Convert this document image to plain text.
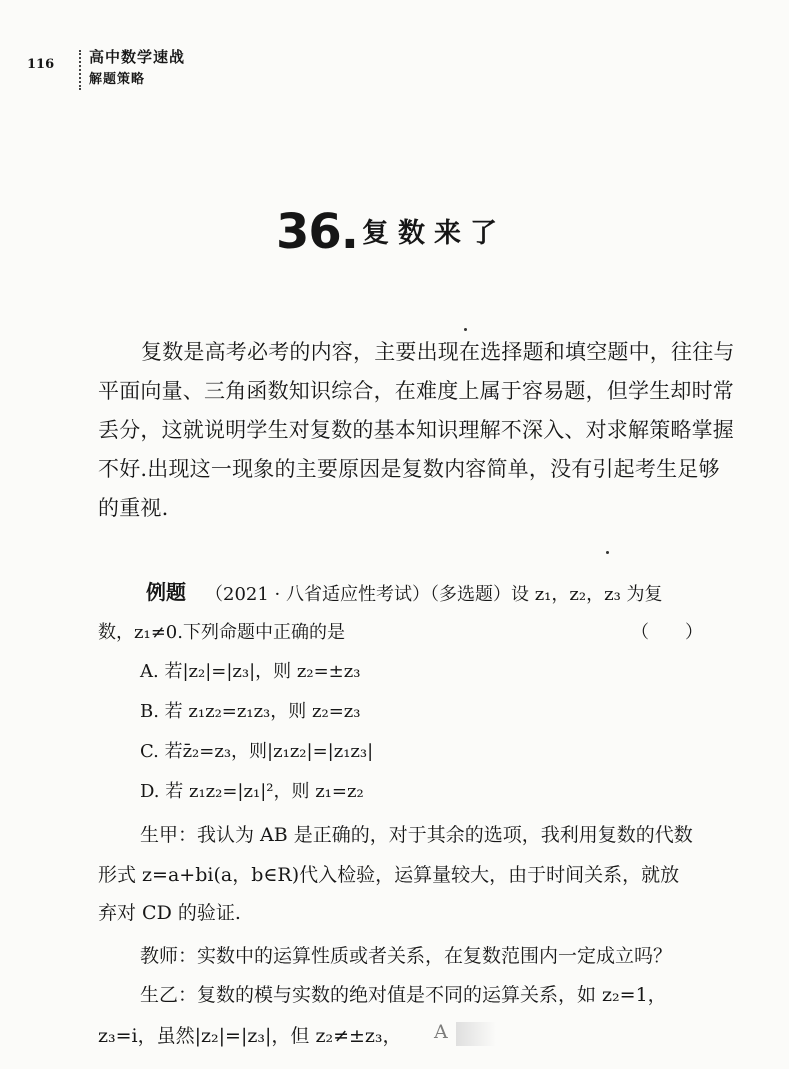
116 高中数学速战
解题策略
36. 复数来了
复数是高考必考的内容，主要出现在选择题和填空题中，往往与
平面向量、三角函数知识综合，在难度上属于容易题，但学生却时常
丢分，这就说明学生对复数的基本知识理解不深入、对求解策略掌握
不好.出现这一现象的主要原因是复数内容简单，没有引起考生足够
的重视.
例题 （2021 · 八省适应性考试）（多选题）设 z₁，z₂，z₃ 为复
数，z₁≠0.下列命题中正确的是	（　　）
A. 若|z₂|=|z₃|，则 z₂=±z₃
B. 若 z₁z₂=z₁z₃，则 z₂=z₃
C. 若z̄₂=z₃，则|z₁z₂|=|z₁z₃|
D. 若 z₁z₂=|z₁|²，则 z₁=z₂
生甲：我认为 AB 是正确的，对于其余的选项，我利用复数的代数
形式 z=a+bi(a，b∈R)代入检验，运算量较大，由于时间关系，就放
弃对 CD 的验证.
教师：实数中的运算性质或者关系，在复数范围内一定成立吗？
生乙：复数的模与实数的绝对值是不同的运算关系，如 z₂=1，
z₃=i，虽然|z₂|=|z₃|，但 z₂≠±z₃， A
